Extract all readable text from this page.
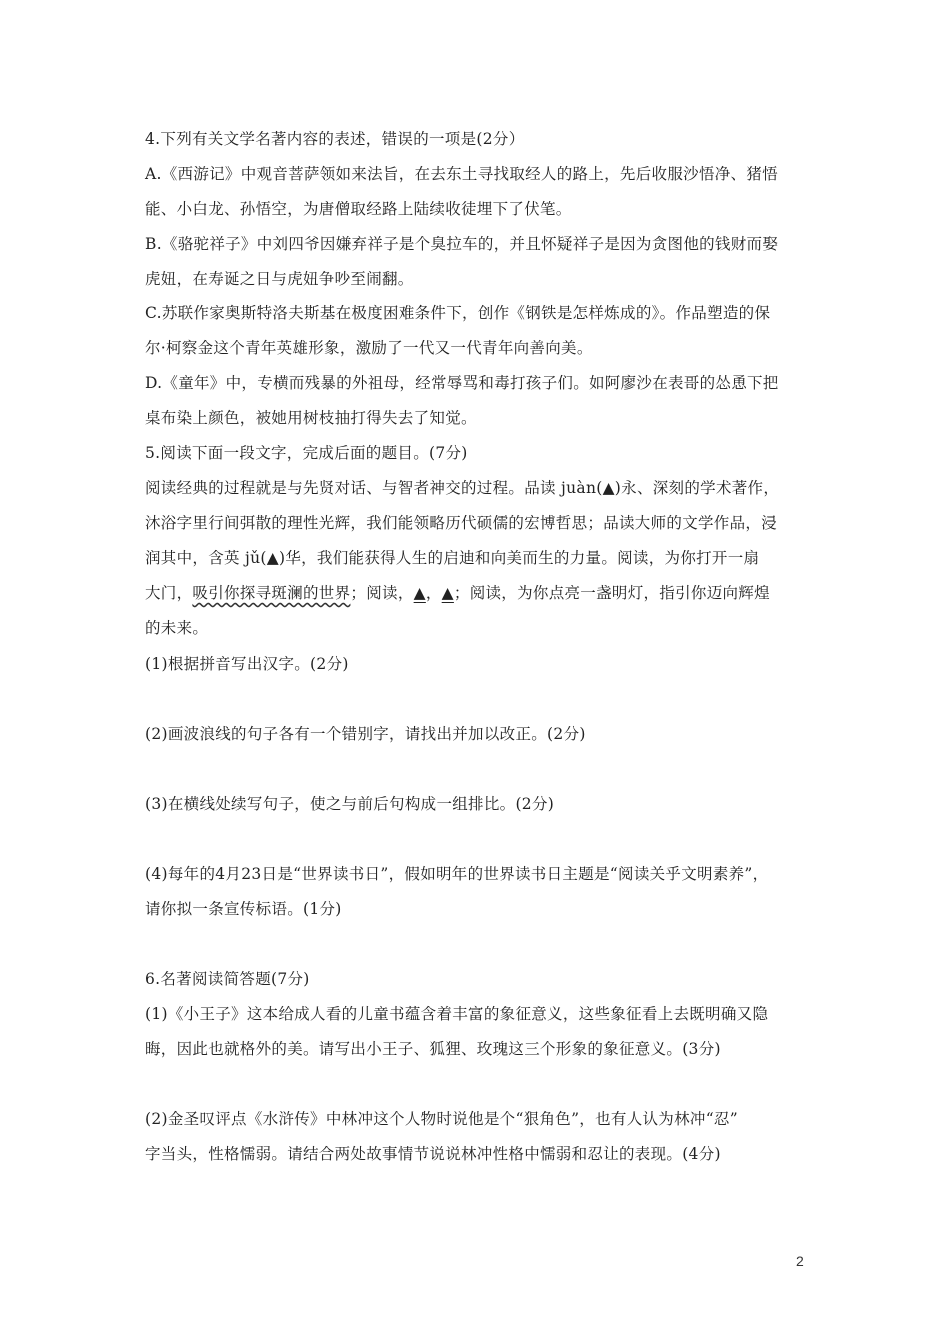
4.下列有关文学名著内容的表述，错误的一项是(2分）
A.《西游记》中观音菩萨领如来法旨，在去东土寻找取经人的路上，先后收服沙悟净、猪悟
能、小白龙、孙悟空，为唐僧取经路上陆续收徒埋下了伏笔。
B.《骆驼祥子》中刘四爷因嫌弃祥子是个臭拉车的，并且怀疑祥子是因为贪图他的钱财而娶
虎妞，在寿诞之日与虎妞争吵至闹翻。
C.苏联作家奥斯特洛夫斯基在极度困难条件下，创作《钢铁是怎样炼成的》。作品塑造的保
尔·柯察金这个青年英雄形象，激励了一代又一代青年向善向美。
D.《童年》中，专横而残暴的外祖母，经常辱骂和毒打孩子们。如阿廖沙在表哥的怂恿下把
桌布染上颜色，被她用树枝抽打得失去了知觉。
5.阅读下面一段文字，完成后面的题目。(7分)
阅读经典的过程就是与先贤对话、与智者神交的过程。品读 juàn(▲)永、深刻的学术著作，
沐浴字里行间弭散的理性光辉，我们能领略历代硕儒的宏博哲思；品读大师的文学作品，浸
润其中，含英 jǔ(▲)华，我们能获得人生的启迪和向美而生的力量。阅读，为你打开一扇
大门，吸引你探寻斑澜的世界；阅读，▲，▲；阅读，为你点亮一盏明灯，指引你迈向辉煌
的未来。
(1)根据拼音写出汉字。(2分)
(2)画波浪线的句子各有一个错别字，请找出并加以改正。(2分)
(3)在横线处续写句子，使之与前后句构成一组排比。(2分)
(4)每年的4月23日是“世界读书日”，假如明年的世界读书日主题是“阅读关乎文明素养”，
请你拟一条宣传标语。(1分)
6.名著阅读简答题(7分)
(1)《小王子》这本给成人看的儿童书蕴含着丰富的象征意义，这些象征看上去既明确又隐
晦，因此也就格外的美。请写出小王子、狐狸、玫瑰这三个形象的象征意义。(3分)
(2)金圣叹评点《水浒传》中林冲这个人物时说他是个“狠角色”，也有人认为林冲“忍”
字当头，性格懦弱。请结合两处故事情节说说林冲性格中懦弱和忍让的表现。(4分)
2
